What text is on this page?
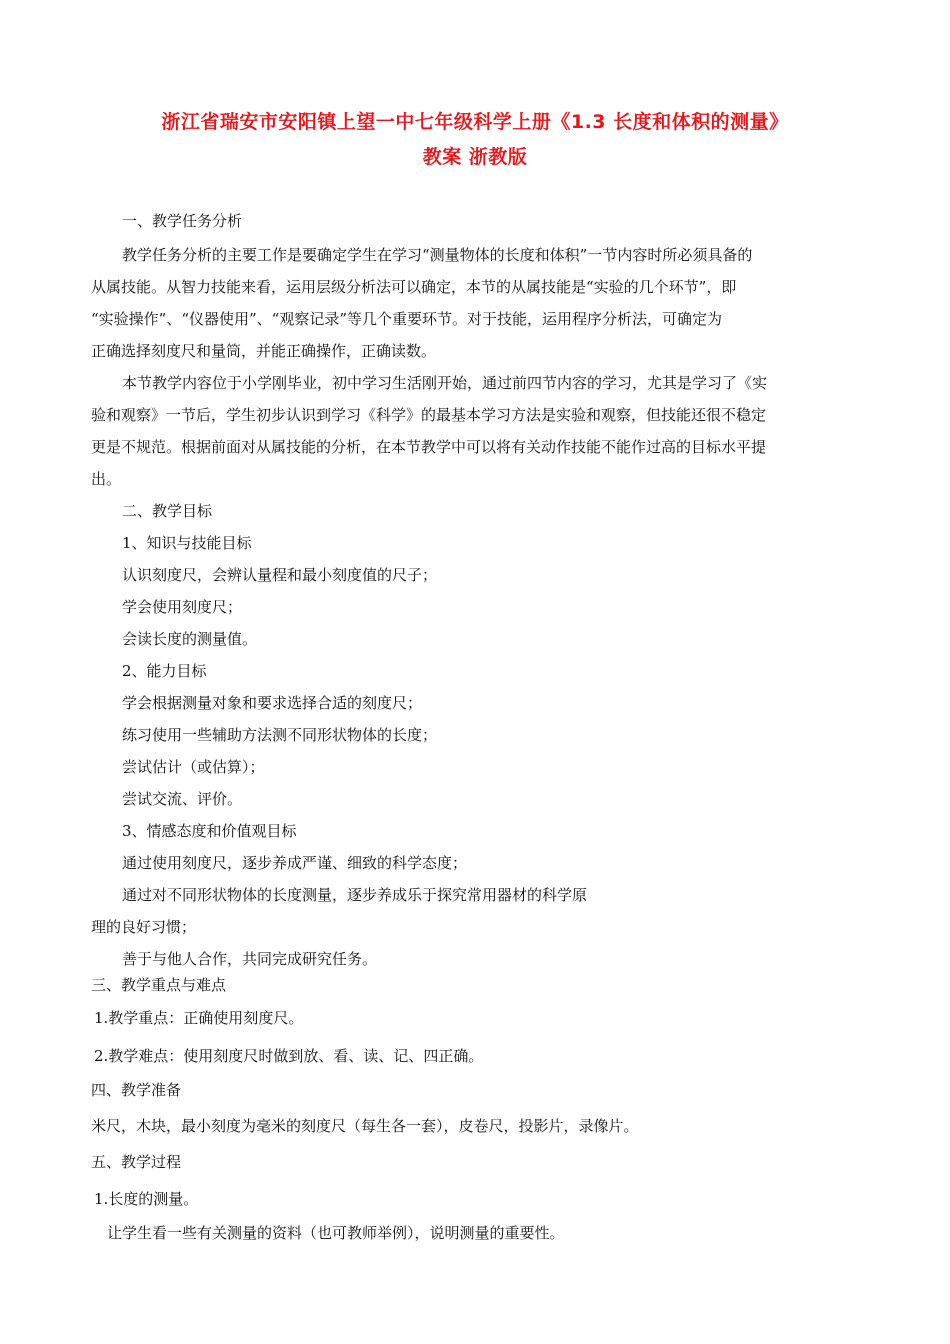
浙江省瑞安市安阳镇上望一中七年级科学上册《1.3 长度和体积的测量》
教案 浙教版
一、教学任务分析
教学任务分析的主要工作是要确定学生在学习“测量物体的长度和体积”一节内容时所必须具备的
从属技能。从智力技能来看，运用层级分析法可以确定，本节的从属技能是“实验的几个环节”，即
“实验操作”、“仪器使用”、“观察记录”等几个重要环节。对于技能，运用程序分析法，可确定为
正确选择刻度尺和量筒，并能正确操作，正确读数。
本节教学内容位于小学刚毕业，初中学习生活刚开始，通过前四节内容的学习，尤其是学习了《实
验和观察》一节后，学生初步认识到学习《科学》的最基本学习方法是实验和观察，但技能还很不稳定
更是不规范。根据前面对从属技能的分析，在本节教学中可以将有关动作技能不能作过高的目标水平提
出。
二、教学目标
1、知识与技能目标
认识刻度尺，会辨认量程和最小刻度值的尺子；
学会使用刻度尺；
会读长度的测量值。
2、能力目标
学会根据测量对象和要求选择合适的刻度尺；
练习使用一些辅助方法测不同形状物体的长度；
尝试估计（或估算）；
尝试交流、评价。
3、情感态度和价值观目标
通过使用刻度尺，逐步养成严谨、细致的科学态度；
通过对不同形状物体的长度测量，逐步养成乐于探究常用器材的科学原
理的良好习惯；
善于与他人合作，共同完成研究任务。
三、教学重点与难点
1.教学重点：正确使用刻度尺。
2.教学难点：使用刻度尺时做到放、看、读、记、四正确。
四、教学准备
米尺，木块，最小刻度为毫米的刻度尺（每生各一套），皮卷尺，投影片，录像片。
五、教学过程
1.长度的测量。
让学生看一些有关测量的资料（也可教师举例），说明测量的重要性。
